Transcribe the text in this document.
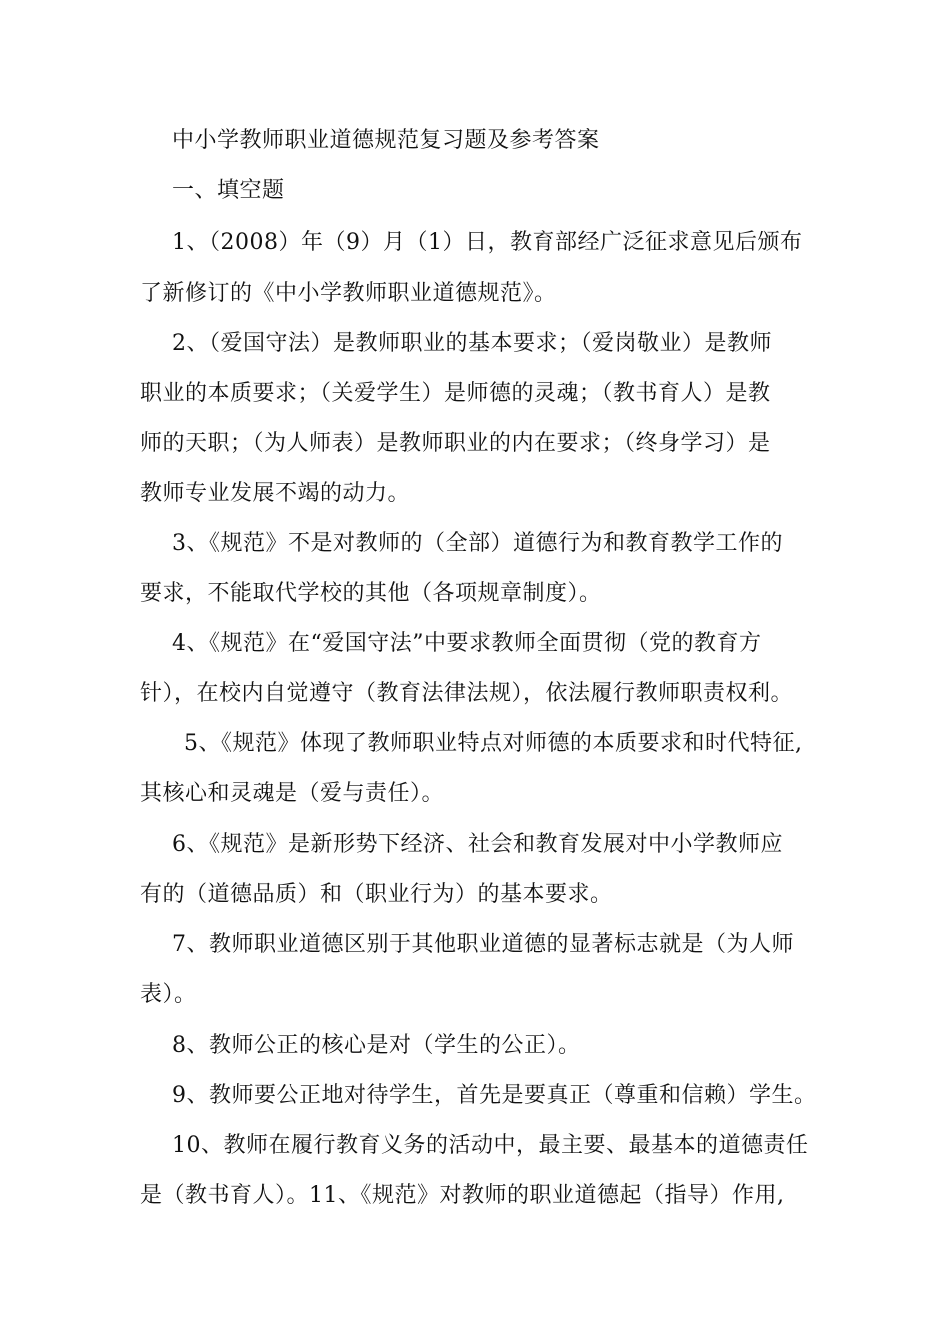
中小学教师职业道德规范复习题及参考答案
一、填空题
1、（2008）年（9）月（1）日，教育部经广泛征求意见后颁布
了新修订的《中小学教师职业道德规范》。
2、（爱国守法）是教师职业的基本要求；（爱岗敬业）是教师
职业的本质要求；（关爱学生）是师德的灵魂；（教书育人）是教
师的天职；（为人师表）是教师职业的内在要求；（终身学习）是
教师专业发展不竭的动力。
3、《规范》不是对教师的（全部）道德行为和教育教学工作的
要求，不能取代学校的其他（各项规章制度）。
4、《规范》在“爱国守法”中要求教师全面贯彻（党的教育方
针），在校内自觉遵守（教育法律法规），依法履行教师职责权利。
5、《规范》体现了教师职业特点对师德的本质要求和时代特征,
其核心和灵魂是（爱与责任）。
6、《规范》是新形势下经济、社会和教育发展对中小学教师应
有的（道德品质）和（职业行为）的基本要求。
7、教师职业道德区别于其他职业道德的显著标志就是（为人师
表）。
8、教师公正的核心是对（学生的公正）。
9、教师要公正地对待学生，首先是要真正（尊重和信赖）学生。
10、教师在履行教育义务的活动中，最主要、最基本的道德责任
是（教书育人）。11、《规范》对教师的职业道德起（指导）作用,
